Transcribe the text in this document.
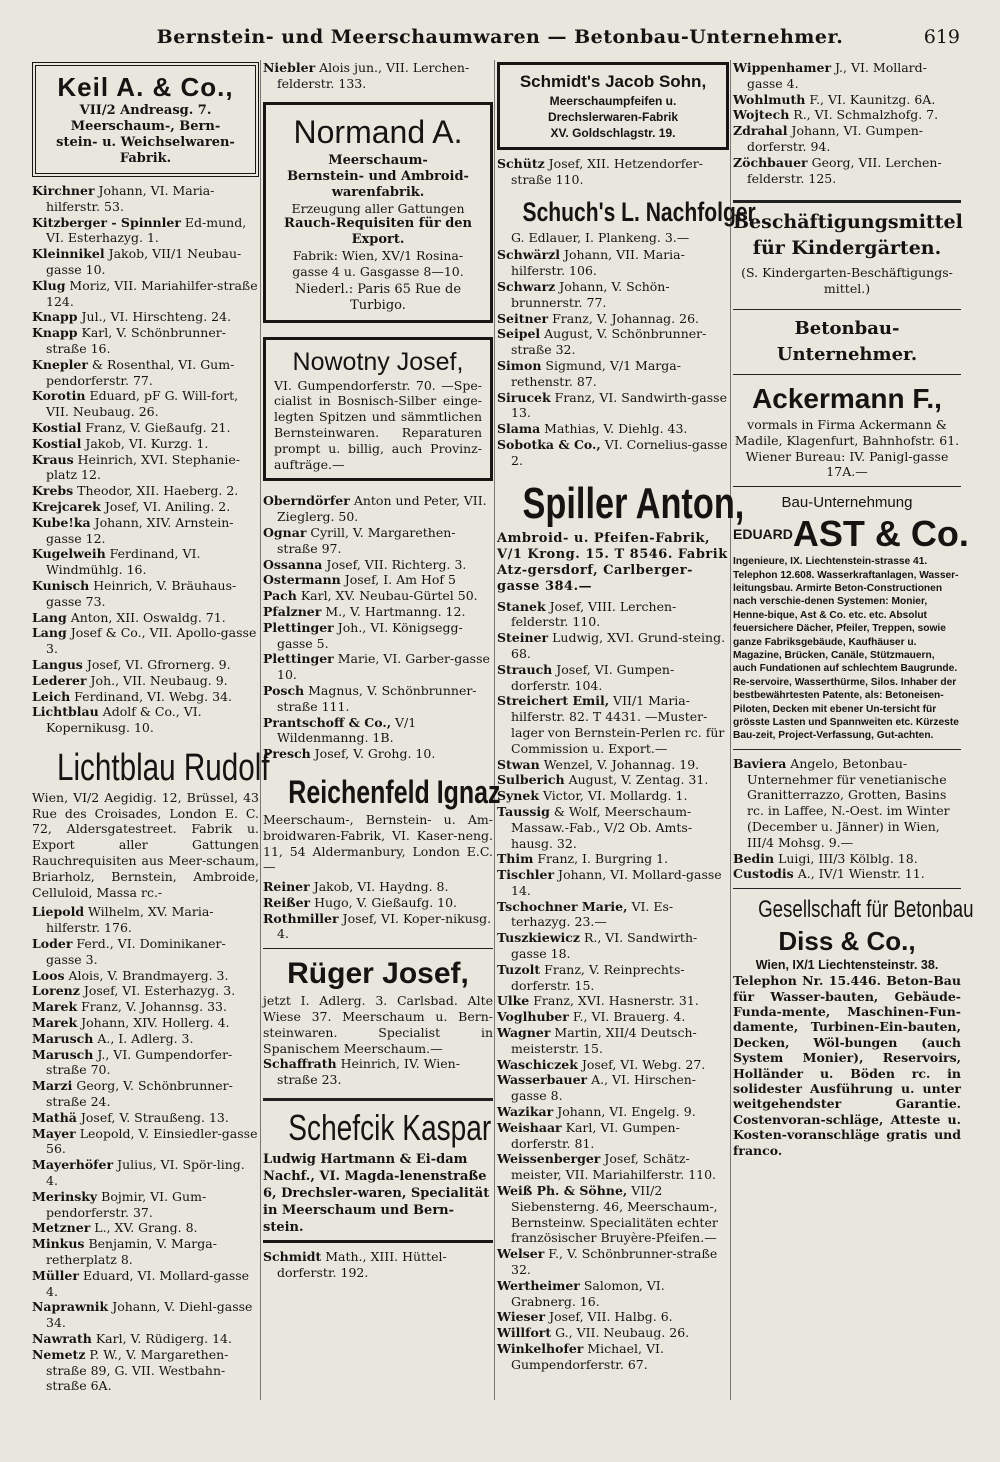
Bernstein- und Meerschaumwaren — Betonbau-Unternehmer.	619
Keil A. & Co.,
VII/2 Andreasg. 7.
Meerschaum-, Bern-
stein- u. Weichselwaren-
Fabrik.

Kirchner Johann, VI. Maria-hilferstr. 53.

Kitzberger - Spinnler Ed-mund, VI. Esterhazyg. 1.

Kleinnikel Jakob, VII/1 Neubau-gasse 10.

Klug Moriz, VII. Mariahilfer-straße 124.

Knapp Jul., VI. Hirschteng. 24.

Knapp Karl, V. Schönbrunner-straße 16.

Knepler & Rosenthal, VI. Gum-pendorferstr. 77.

Korotin Eduard, pF G. Will-fort, VII. Neubaug. 26.

Kostial Franz, V. Gießaufg. 21.

Kostial Jakob, VI. Kurzg. 1.

Kraus Heinrich, XVI. Stephanie-platz 12.

Krebs Theodor, XII. Haeberg. 2.

Krejcarek Josef, VI. Aniling. 2.

Kube!ka Johann, XIV. Arnstein-gasse 12.

Kugelweih Ferdinand, VI. Windmühlg. 16.

Kunisch Heinrich, V. Bräuhaus-gasse 73.

Lang Anton, XII. Oswaldg. 71.

Lang Josef & Co., VII. Apollo-gasse 3.

Langus Josef, VI. Gfrornerg. 9.

Lederer Joh., VII. Neubaug. 9.

Leich Ferdinand, VI. Webg. 34.

Lichtblau Adolf & Co., VI. Kopernikusg. 10.

Lichtblau Rudolf

Wien, VI/2 Aegidig. 12, Brüssel, 43 Rue des Croisades, London E. C. 72, Aldersgatestreet. Fabrik u. Export aller Gattungen Rauchrequisiten aus Meer-schaum, Briarholz, Bernstein, Ambroide, Celluloid, Massa rc.-

Liepold Wilhelm, XV. Maria-hilferstr. 176.

Loder Ferd., VI. Dominikaner-gasse 3.

Loos Alois, V. Brandmayerg. 3.

Lorenz Josef, VI. Esterhazyg. 3.

Marek Franz, V. Johannsg. 33.

Marek Johann, XIV. Hollerg. 4.

Marusch A., I. Adlerg. 3.

Marusch J., VI. Gumpendorfer-straße 70.

Marzi Georg, V. Schönbrunner-straße 24.

Mathä Josef, V. Straußeng. 13.

Mayer Leopold, V. Einsiedler-gasse 56.

Mayerhöfer Julius, VI. Spör-ling. 4.

Merinsky Bojmir, VI. Gum-pendorferstr. 37.

Metzner L., XV. Grang. 8.

Minkus Benjamin, V. Marga-retherplatz 8.

Müller Eduard, VI. Mollard-gasse 4.

Naprawnik Johann, V. Diehl-gasse 34.

Nawrath Karl, V. Rüdigerg. 14.

Nemetz P. W., V. Margarethen-straße 89, G. VII. Westbahn-straße 6A.

Niebler Alois jun., VII. Lerchen-felderstr. 133.

Normand A.
Meerschaum-
Bernstein- und Ambroid-
warenfabrik.
Erzeugung aller Gattungen
Rauch-Requisiten für den
Export.
Fabrik: Wien, XV/1 Rosina-
gasse 4 u. Gasgasse 8—10.
Niederl.: Paris 65 Rue de Turbigo.
Nowotny Josef,

VI. Gumpendorferstr. 70. —Spe-cialist in Bosnisch-Silber einge-legten Spitzen und sämmtlichen Bernsteinwaren. Reparaturen prompt u. billig, auch Provinz-aufträge.—

Oberndörfer Anton und Peter, VII. Zieglerg. 50.

Ognar Cyrill, V. Margarethen-straße 97.

Ossanna Josef, VII. Richterg. 3.

Ostermann Josef, I. Am Hof 5

Pach Karl, XV. Neubau-Gürtel 50.

Pfalzner M., V. Hartmanng. 12.

Plettinger Joh., VI. Königsegg-gasse 5.

Plettinger Marie, VI. Garber-gasse 10.

Posch Magnus, V. Schönbrunner-straße 111.

Prantschoff & Co., V/1 Wildenmanng. 1B.

Presch Josef, V. Grohg. 10.

Reichenfeld Ignaz

Meerschaum-, Bernstein- u. Am-broidwaren-Fabrik, VI. Kaser-neng. 11, 54 Aldermanbury, London E.C.—

Reiner Jakob, VI. Haydng. 8.

Reißer Hugo, V. Gießaufg. 10.

Rothmiller Josef, VI. Koper-nikusg. 4.

Rüger Josef,

jetzt I. Adlerg. 3. Carlsbad. Alte Wiese 37. Meerschaum u. Bern-steinwaren. Specialist in Spanischem Meerschaum.—

Schaffrath Heinrich, IV. Wien-straße 23.

Schefcik Kaspar

Ludwig Hartmann & Ei-dam Nachf., VI. Magda-lenenstraße 6, Drechsler-waren, Specialität in Meerschaum und Bern-stein.

Schmidt Math., XIII. Hüttel-dorferstr. 192.

Schmidt's Jacob Sohn,
Meerschaumpfeifen u.
Drechslerwaren-Fabrik
XV. Goldschlagstr. 19.

Schütz Josef, XII. Hetzendorfer-straße 110.

Schuch's L. Nachfolger

G. Edlauer, I. Plankeng. 3.—

Schwärzl Johann, VII. Maria-hilferstr. 106.

Schwarz Johann, V. Schön-brunnerstr. 77.

Seitner Franz, V. Johannag. 26.

Seipel August, V. Schönbrunner-straße 32.

Simon Sigmund, V/1 Marga-rethenstr. 87.

Sirucek Franz, VI. Sandwirth-gasse 13.

Slama Mathias, V. Diehlg. 43.

Sobotka & Co., VI. Cornelius-gasse 2.

Spiller Anton,

Ambroid- u. Pfeifen-Fabrik, V/1 Krong. 15. T 8546. Fabrik Atz-gersdorf, Carlberger-gasse 384.—

Stanek Josef, VIII. Lerchen-felderstr. 110.

Steiner Ludwig, XVI. Grund-steing. 68.

Strauch Josef, VI. Gumpen-dorferstr. 104.

Streichert Emil, VII/1 Maria-hilferstr. 82. T 4431. —Muster-lager von Bernstein-Perlen rc. für Commission u. Export.—

Stwan Wenzel, V. Johannag. 19.

Sulberich August, V. Zentag. 31.

Synek Victor, VI. Mollardg. 1.

Taussig & Wolf, Meerschaum-Massaw.-Fab., V/2 Ob. Amts-hausg. 32.

Thim Franz, I. Burgring 1.

Tischler Johann, VI. Mollard-gasse 14.

Tschochner Marie, VI. Es-terhazyg. 23.—

Tuszkiewicz R., VI. Sandwirth-gasse 18.

Tuzolt Franz, V. Reinprechts-dorferstr. 15.

Ulke Franz, XVI. Hasnerstr. 31.

Voglhuber F., VI. Brauerg. 4.

Wagner Martin, XII/4 Deutsch-meisterstr. 15.

Waschiczek Josef, VI. Webg. 27.

Wasserbauer A., VI. Hirschen-gasse 8.

Wazikar Johann, VI. Engelg. 9.

Weishaar Karl, VI. Gumpen-dorferstr. 81.

Weissenberger Josef, Schätz-meister, VII. Mariahilferstr. 110.

Weiß Ph. & Söhne, VII/2 Siebensterng. 46, Meerschaum-, Bernsteinw. Specialitäten echter französischer Bruyère-Pfeifen.—

Welser F., V. Schönbrunner-straße 32.

Wertheimer Salomon, VI. Grabnerg. 16.

Wieser Josef, VII. Halbg. 6.

Willfort G., VII. Neubaug. 26.

Winkelhofer Michael, VI. Gumpendorferstr. 67.

Wippenhamer J., VI. Mollard-gasse 4.

Wohlmuth F., VI. Kaunitzg. 6A.

Wojtech R., VI. Schmalzhofg. 7.

Zdrahal Johann, VI. Gumpen-dorferstr. 94.

Zöchbauer Georg, VII. Lerchen-felderstr. 125.

Beschäftigungsmittel
für Kindergärten.
(S. Kindergarten-Beschäftigungs-mittel.)
Betonbau-Unternehmer.
Ackermann F.,

vormals in Firma Ackermann & Madile, Klagenfurt, Bahnhofstr. 61. Wiener Bureau: IV. Panigl-gasse 17A.—

Bau-Unternehmung
$^{EDUARD}$AST & Co.

Ingenieure, IX. Liechtenstein-strasse 41. Telephon 12.608. Wasserkraftanlagen, Wasser-leitungsbau. Armirte Beton-Constructionen nach verschie-denen Systemen: Monier, Henne-bique, Ast & Co. etc. etc. Absolut feuersichere Dächer, Pfeiler, Treppen, sowie ganze Fabriksgebäude, Kaufhäuser u. Magazine, Brücken, Canäle, Stützmauern, auch Fundationen auf schlechtem Baugrunde. Re-servoire, Wasserthürme, Silos. Inhaber der bestbewährtesten Patente, als: Betoneisen-Piloten, Decken mit ebener Un-tersicht für grösste Lasten und Spannweiten etc. Kürzeste Bau-zeit, Project-Verfassung, Gut-achten.

Baviera Angelo, Betonbau-Unternehmer für venetianische Granitterrazzo, Grotten, Basins rc. in Laffee, N.-Oest. im Winter (December u. Jänner) in Wien, III/4 Mohsg. 9.—

Bedin Luigi, III/3 Kölblg. 18.

Custodis A., IV/1 Wienstr. 11.

Gesellschaft für Betonbau
Diss & Co.,
Wien, IX/1 Liechtensteinstr. 38.

Telephon Nr. 15.446. Beton-Bau für Wasser-bauten, Gebäude-Funda-mente, Maschinen-Fun-damente, Turbinen-Ein-bauten, Decken, Wöl-bungen (auch System Monier), Reservoirs, Holländer u. Böden rc. in solidester Ausführung u. unter weitgehendster Garantie. Costenvoran-schläge, Atteste u. Kosten-voranschläge gratis und franco.
